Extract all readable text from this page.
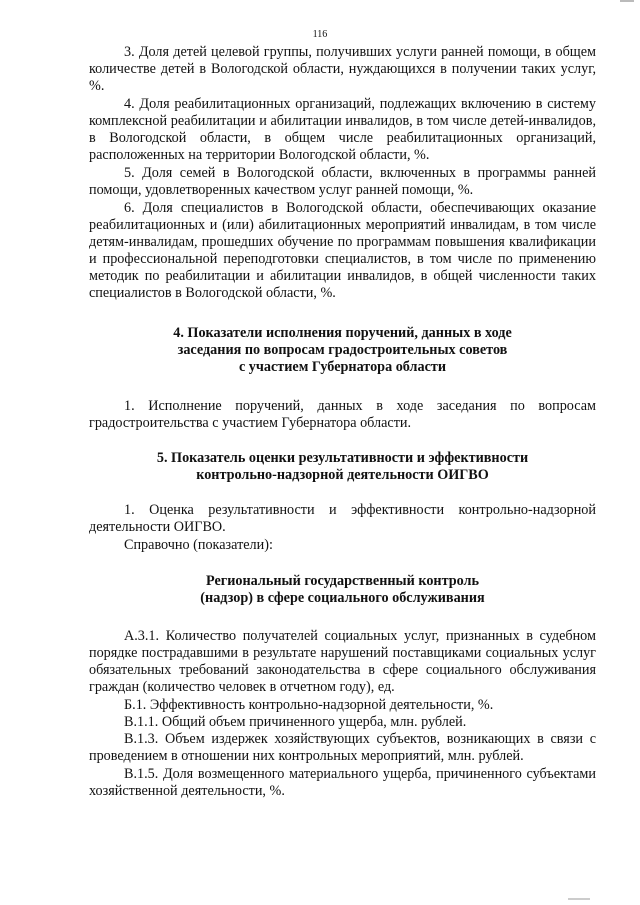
116

3. Доля детей целевой группы, получивших услуги ранней помощи, в общем количестве детей в Вологодской области, нуждающихся в получении таких услуг, %.

4. Доля реабилитационных организаций, подлежащих включению в систему комплексной реабилитации и абилитации инвалидов, в том числе детей-инвалидов, в Вологодской области, в общем числе реабилитационных организаций, расположенных на территории Вологодской области, %.

5. Доля семей в Вологодской области, включенных в программы ранней помощи, удовлетворенных качеством услуг ранней помощи, %.

6. Доля специалистов в Вологодской области, обеспечивающих оказание реабилитационных и (или) абилитационных мероприятий инвалидам, в том числе детям-инвалидам, прошедших обучение по программам повышения квалификации и профессиональной переподготовки специалистов, в том числе по применению методик по реабилитации и абилитации инвалидов, в общей численности таких специалистов в Вологодской области, %.

4. Показатели исполнения поручений, данных в ходе
заседания по вопросам градостроительных советов
с участием Губернатора области

1. Исполнение поручений, данных в ходе заседания по вопросам градостроительства с участием Губернатора области.

5. Показатель оценки результативности и эффективности
контрольно-надзорной деятельности ОИГВО

1. Оценка результативности и эффективности контрольно-надзорной деятельности ОИГВО.

Справочно (показатели):

Региональный государственный контроль
(надзор) в сфере социального обслуживания

А.3.1. Количество получателей социальных услуг, признанных в судебном порядке пострадавшими в результате нарушений поставщиками социальных услуг обязательных требований законодательства в сфере социального обслуживания граждан (количество человек в отчетном году), ед.

Б.1. Эффективность контрольно-надзорной деятельности, %.

В.1.1. Общий объем причиненного ущерба, млн. рублей.

В.1.3. Объем издержек хозяйствующих субъектов, возникающих в связи с проведением в отношении них контрольных мероприятий, млн. рублей.

В.1.5. Доля возмещенного материального ущерба, причиненного субъектами хозяйственной деятельности, %.
